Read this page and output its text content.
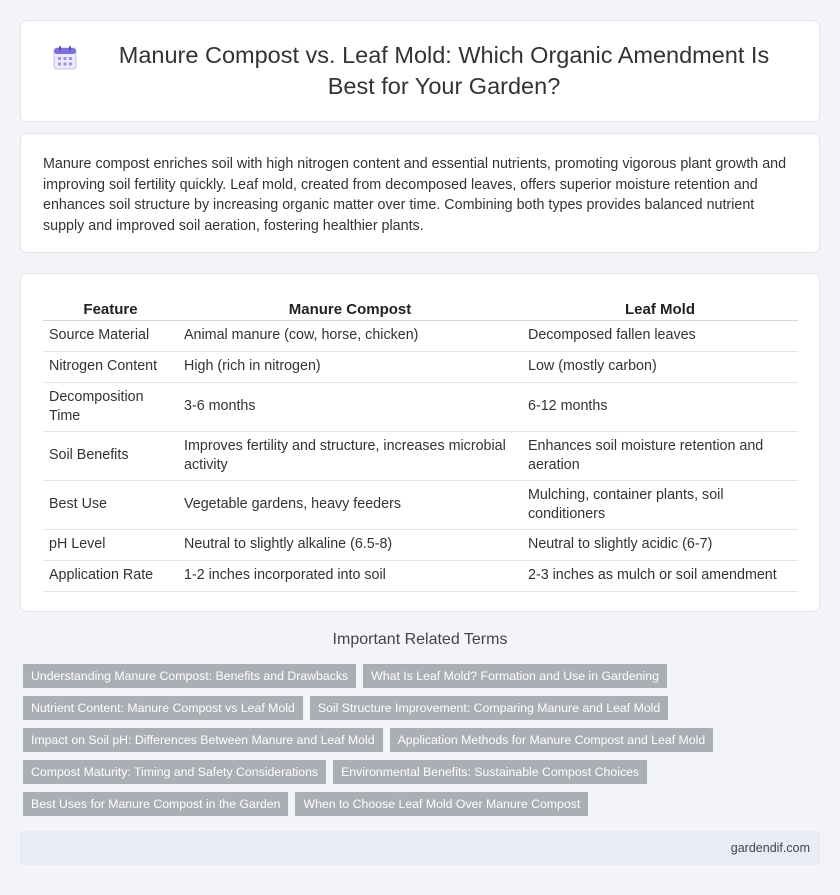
Manure Compost vs. Leaf Mold: Which Organic Amendment Is Best for Your Garden?

Manure compost enriches soil with high nitrogen content and essential nutrients, promoting vigorous plant growth and improving soil fertility quickly. Leaf mold, created from decomposed leaves, offers superior moisture retention and enhances soil structure by increasing organic matter over time. Combining both types provides balanced nutrient supply and improved soil aeration, fostering healthier plants.

Feature	Manure Compost	Leaf Mold
Source Material	Animal manure (cow, horse, chicken)	Decomposed fallen leaves
Nitrogen Content	High (rich in nitrogen)	Low (mostly carbon)
Decomposition Time	3-6 months	6-12 months
Soil Benefits	Improves fertility and structure, increases microbial activity	Enhances soil moisture retention and aeration
Best Use	Vegetable gardens, heavy feeders	Mulching, container plants, soil conditioners
pH Level	Neutral to slightly alkaline (6.5-8)	Neutral to slightly acidic (6-7)
Application Rate	1-2 inches incorporated into soil	2-3 inches as mulch or soil amendment
Important Related Terms
Understanding Manure Compost: Benefits and Drawbacks	What Is Leaf Mold? Formation and Use in Gardening
Nutrient Content: Manure Compost vs Leaf Mold	Soil Structure Improvement: Comparing Manure and Leaf Mold
Impact on Soil pH: Differences Between Manure and Leaf Mold	Application Methods for Manure Compost and Leaf Mold
Compost Maturity: Timing and Safety Considerations	Environmental Benefits: Sustainable Compost Choices
Best Uses for Manure Compost in the Garden	When to Choose Leaf Mold Over Manure Compost
gardendif.com
